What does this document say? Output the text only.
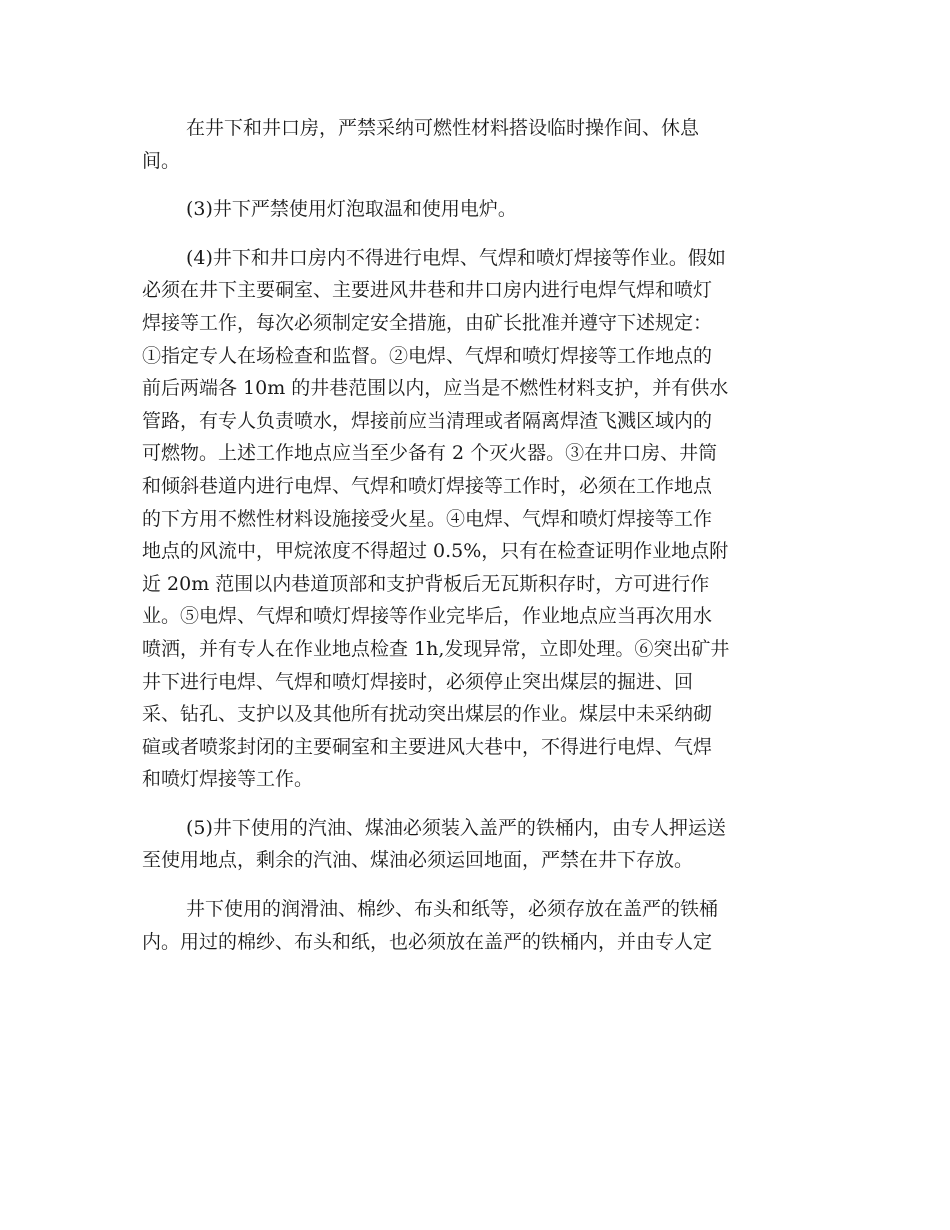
在井下和井口房，严禁采纳可燃性材料搭设临时操作间、休息
间。
(3)井下严禁使用灯泡取温和使用电炉。
(4)井下和井口房内不得进行电焊、气焊和喷灯焊接等作业。假如
必须在井下主要硐室、主要进风井巷和井口房内进行电焊气焊和喷灯
焊接等工作，每次必须制定安全措施，由矿长批准并遵守下述规定：
①指定专人在场检查和监督。②电焊、气焊和喷灯焊接等工作地点的
前后两端各 10m 的井巷范围以内，应当是不燃性材料支护，并有供水
管路，有专人负责喷水，焊接前应当清理或者隔离焊渣飞溅区域内的
可燃物。上述工作地点应当至少备有 2 个灭火器。③在井口房、井筒
和倾斜巷道内进行电焊、气焊和喷灯焊接等工作时，必须在工作地点
的下方用不燃性材料设施接受火星。④电焊、气焊和喷灯焊接等工作
地点的风流中，甲烷浓度不得超过 0.5%，只有在检查证明作业地点附
近 20m 范围以内巷道顶部和支护背板后无瓦斯积存时，方可进行作
业。⑤电焊、气焊和喷灯焊接等作业完毕后，作业地点应当再次用水
喷洒，并有专人在作业地点检查 1h,发现异常，立即处理。⑥突出矿井
井下进行电焊、气焊和喷灯焊接时，必须停止突出煤层的掘进、回
采、钻孔、支护以及其他所有扰动突出煤层的作业。煤层中未采纳砌
碹或者喷浆封闭的主要硐室和主要进风大巷中，不得进行电焊、气焊
和喷灯焊接等工作。
(5)井下使用的汽油、煤油必须装入盖严的铁桶内，由专人押运送
至使用地点，剩余的汽油、煤油必须运回地面，严禁在井下存放。
井下使用的润滑油、棉纱、布头和纸等，必须存放在盖严的铁桶
内。用过的棉纱、布头和纸，也必须放在盖严的铁桶内，并由专人定
